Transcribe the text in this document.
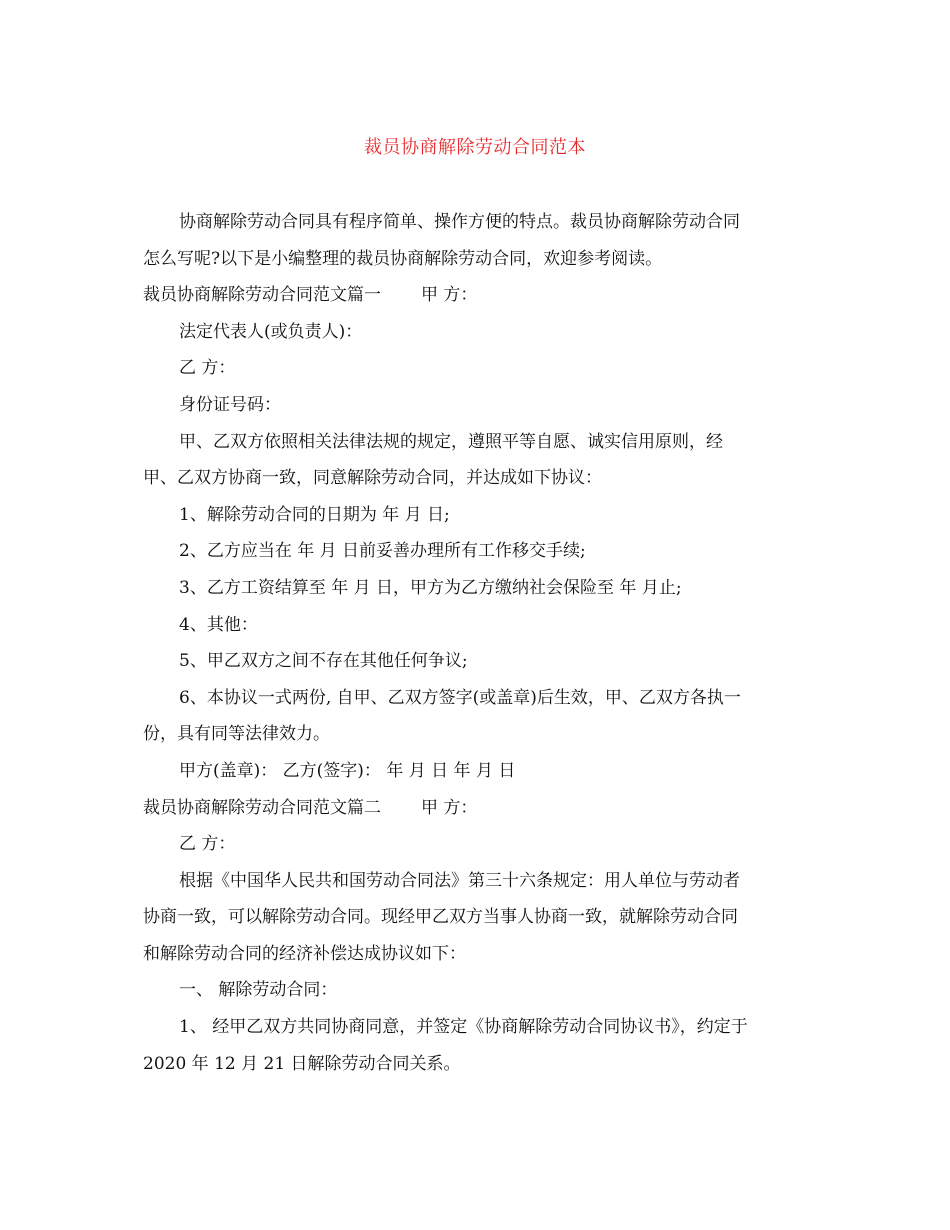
裁员协商解除劳动合同范本

协商解除劳动合同具有程序简单、操作方便的特点。裁员协商解除劳动合同

怎么写呢?以下是小编整理的裁员协商解除劳动合同，欢迎参考阅读。

裁员协商解除劳动合同范文篇一 甲 方：

法定代表人(或负责人)：

乙 方：

身份证号码：

甲、乙双方依照相关法律法规的规定，遵照平等自愿、诚实信用原则，经

甲、乙双方协商一致，同意解除劳动合同，并达成如下协议：

1、解除劳动合同的日期为 年 月 日;

2、乙方应当在 年 月 日前妥善办理所有工作移交手续;

3、乙方工资结算至 年 月 日，甲方为乙方缴纳社会保险至 年 月止;

4、其他：

5、甲乙双方之间不存在其他任何争议;

6、本协议一式两份, 自甲、乙双方签字(或盖章)后生效，甲、乙双方各执一

份，具有同等法律效力。

甲方(盖章)： 乙方(签字)： 年 月 日 年 月 日

裁员协商解除劳动合同范文篇二 甲 方：

乙 方：

根据《中国华人民共和国劳动合同法》第三十六条规定：用人单位与劳动者

协商一致，可以解除劳动合同。现经甲乙双方当事人协商一致，就解除劳动合同

和解除劳动合同的经济补偿达成协议如下：

一、 解除劳动合同：

1、 经甲乙双方共同协商同意，并签定《协商解除劳动合同协议书》，约定于

2020 年 12 月 21 日解除劳动合同关系。
